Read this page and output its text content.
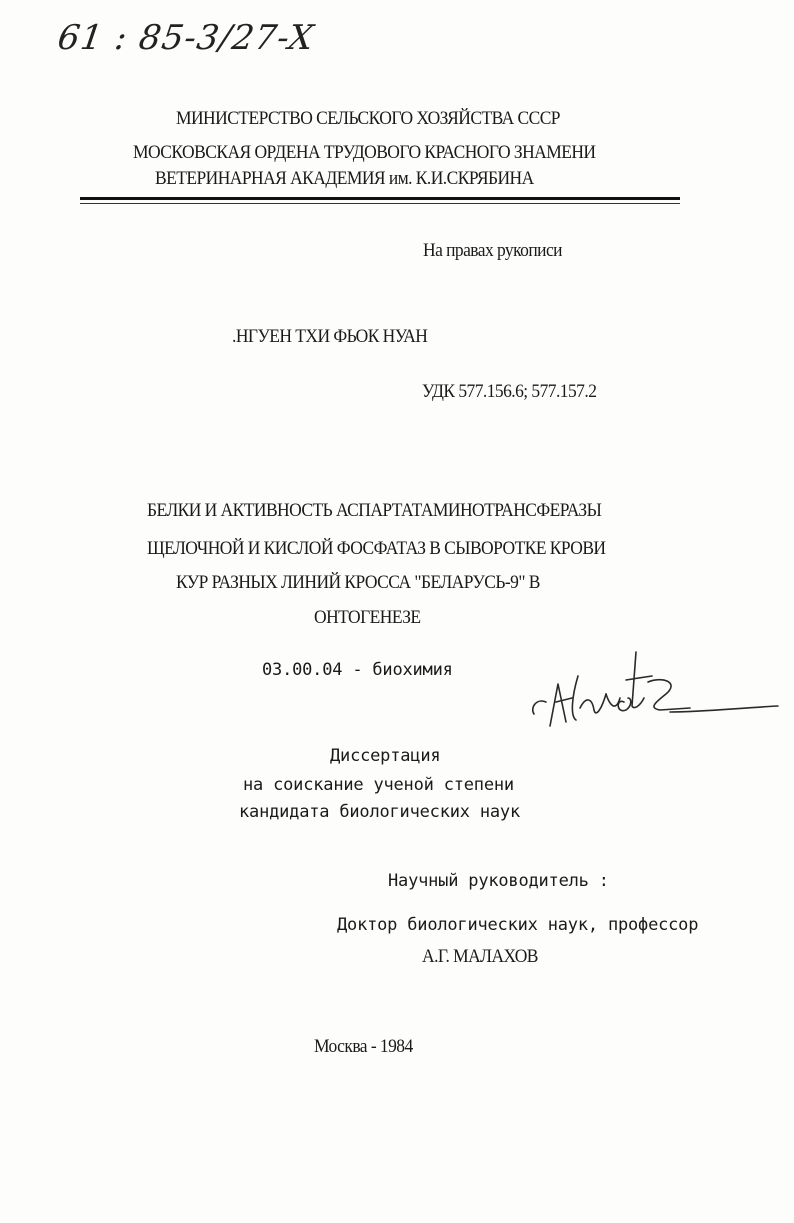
61 : 85-3/27-X
МИНИСТЕРСТВО СЕЛЬСКОГО ХОЗЯЙСТВА СССР
МОСКОВСКАЯ ОРДЕНА ТРУДОВОГО КРАСНОГО ЗНАМЕНИ
ВЕТЕРИНАРНАЯ АКАДЕМИЯ им. К.И.СКРЯБИНА
На правах рукописи
.НГУЕН ТХИ ФЬОК НУАН
УДК 577.156.6; 577.157.2
БЕЛКИ И АКТИВНОСТЬ АСПАРТАТАМИНОТРАНСФЕРАЗЫ
ЩЕЛОЧНОЙ И КИСЛОЙ ФОСФАТАЗ В СЫВОРОТКЕ КРОВИ
КУР РАЗНЫХ ЛИНИЙ КРОССА "БЕЛАРУСЬ-9" В
ОНТОГЕНЕЗЕ
03.00.04 - биохимия
Диссертация
на соискание ученой степени
кандидата биологических наук
Научный руководитель :
Доктор биологических наук, профессор
А.Г. МАЛАХОВ
Москва - 1984
